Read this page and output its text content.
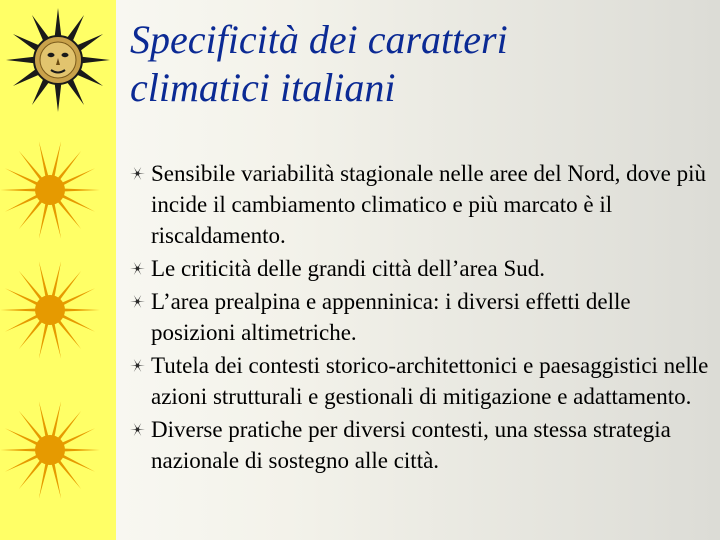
Specificità dei caratteri
climatici italiani
Sensibile variabilità stagionale nelle aree del Nord, dove più incide il cambiamento climatico e più marcato è il riscaldamento.
Le criticità delle grandi città dell’area Sud.
L’area prealpina e appenninica: i diversi effetti delle posizioni altimetriche.
Tutela dei contesti storico-architettonici e paesaggistici nelle azioni strutturali e gestionali di mitigazione e adattamento.
Diverse pratiche per diversi contesti, una stessa strategia nazionale di sostegno alle città.
